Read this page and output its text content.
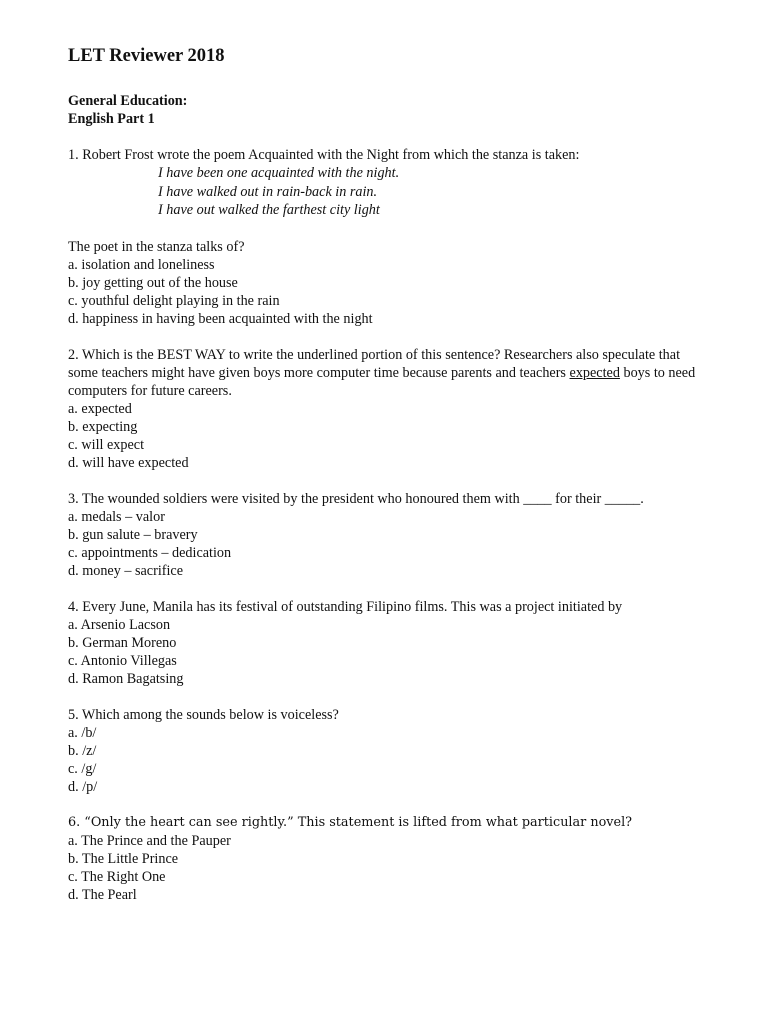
LET Reviewer 2018
General Education:
English Part 1
1. Robert Frost wrote the poem Acquainted with the Night from which the stanza is taken:
I have been one acquainted with the night.
I have walked out in rain-back in rain.
I have out walked the farthest city light
The poet in the stanza talks of?
a. isolation and loneliness
b. joy getting out of the house
c. youthful delight playing in the rain
d. happiness in having been acquainted with the night
2. Which is the BEST WAY to write the underlined portion of this sentence? Researchers also speculate that some teachers might have given boys more computer time because parents and teachers expected boys to need computers for future careers.
a. expected
b. expecting
c. will expect
d. will have expected
3. The wounded soldiers were visited by the president who honoured them with ____ for their _____.
a. medals – valor
b. gun salute – bravery
c. appointments – dedication
d. money – sacrifice
4. Every June, Manila has its festival of outstanding Filipino films. This was a project initiated by
a. Arsenio Lacson
b. German Moreno
c. Antonio Villegas
d. Ramon Bagatsing
5. Which among the sounds below is voiceless?
a. /b/
b. /z/
c. /g/
d. /p/
6. “Only the heart can see rightly.” This statement is lifted from what particular novel?
a. The Prince and the Pauper
b. The Little Prince
c. The Right One
d. The Pearl
